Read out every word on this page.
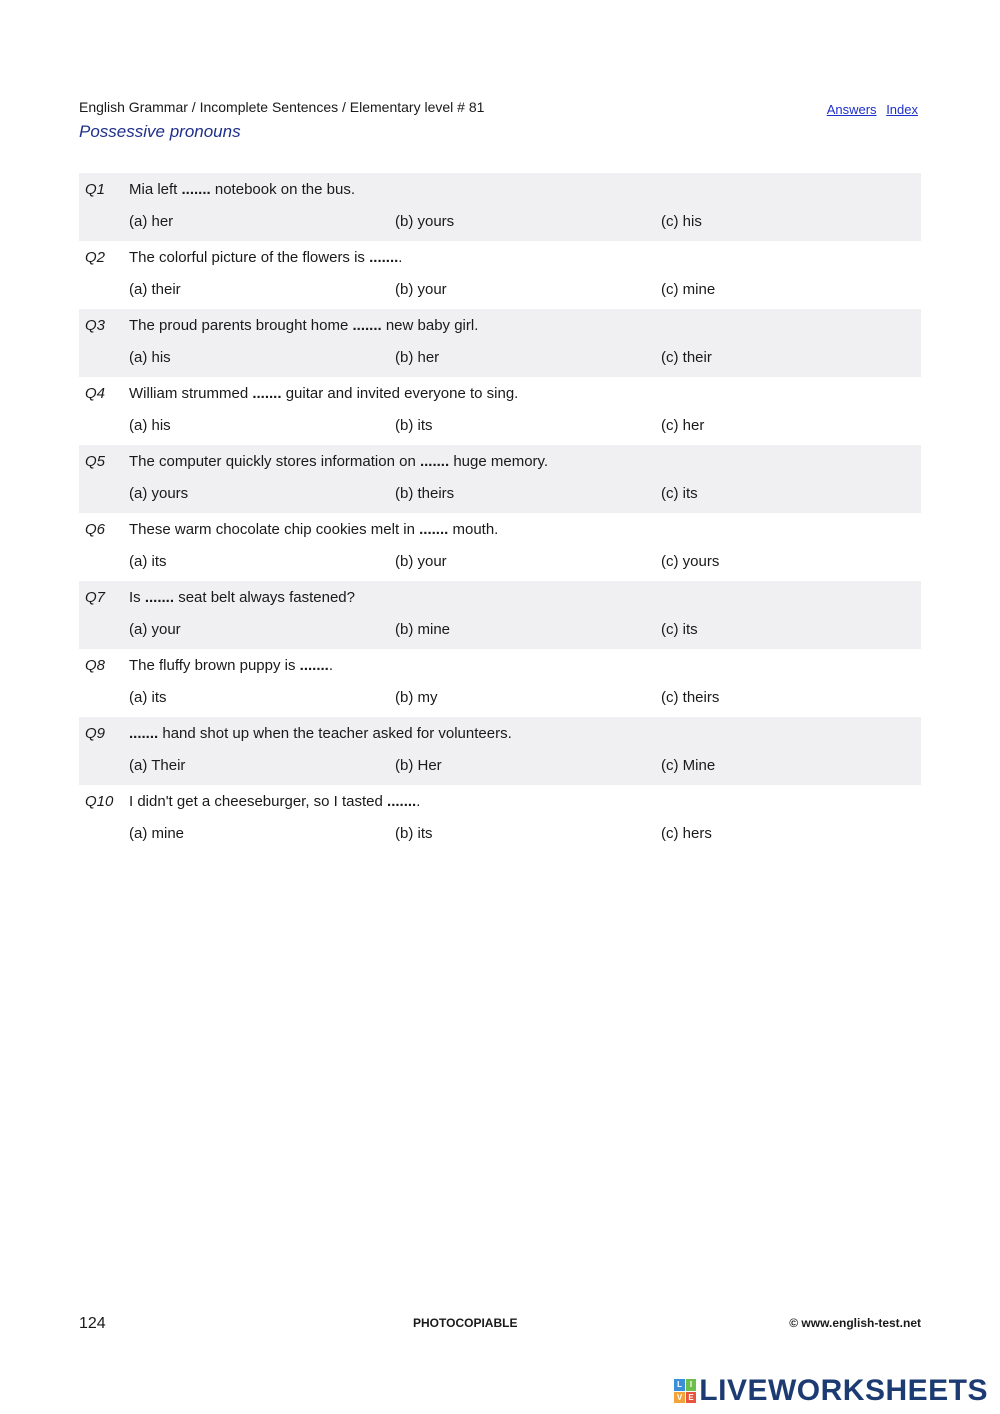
English Grammar / Incomplete Sentences / Elementary level # 81
Possessive pronouns
Answers Index
Q1 Mia left ....... notebook on the bus.
(a) her	(b) yours	(c) his
Q2 The colorful picture of the flowers is ........
(a) their	(b) your	(c) mine
Q3 The proud parents brought home ....... new baby girl.
(a) his	(b) her	(c) their
Q4 William strummed ....... guitar and invited everyone to sing.
(a) his	(b) its	(c) her
Q5 The computer quickly stores information on ....... huge memory.
(a) yours	(b) theirs	(c) its
Q6 These warm chocolate chip cookies melt in ....... mouth.
(a) its	(b) your	(c) yours
Q7 Is ....... seat belt always fastened?
(a) your	(b) mine	(c) its
Q8 The fluffy brown puppy is ........
(a) its	(b) my	(c) theirs
Q9 ....... hand shot up when the teacher asked for volunteers.
(a) Their	(b) Her	(c) Mine
Q10 I didn't get a cheeseburger, so I tasted ........
(a) mine	(b) its	(c) hers
124	PHOTOCOPIABLE	© www.english-test.net
L I
V E LIVEWORKSHEETS
